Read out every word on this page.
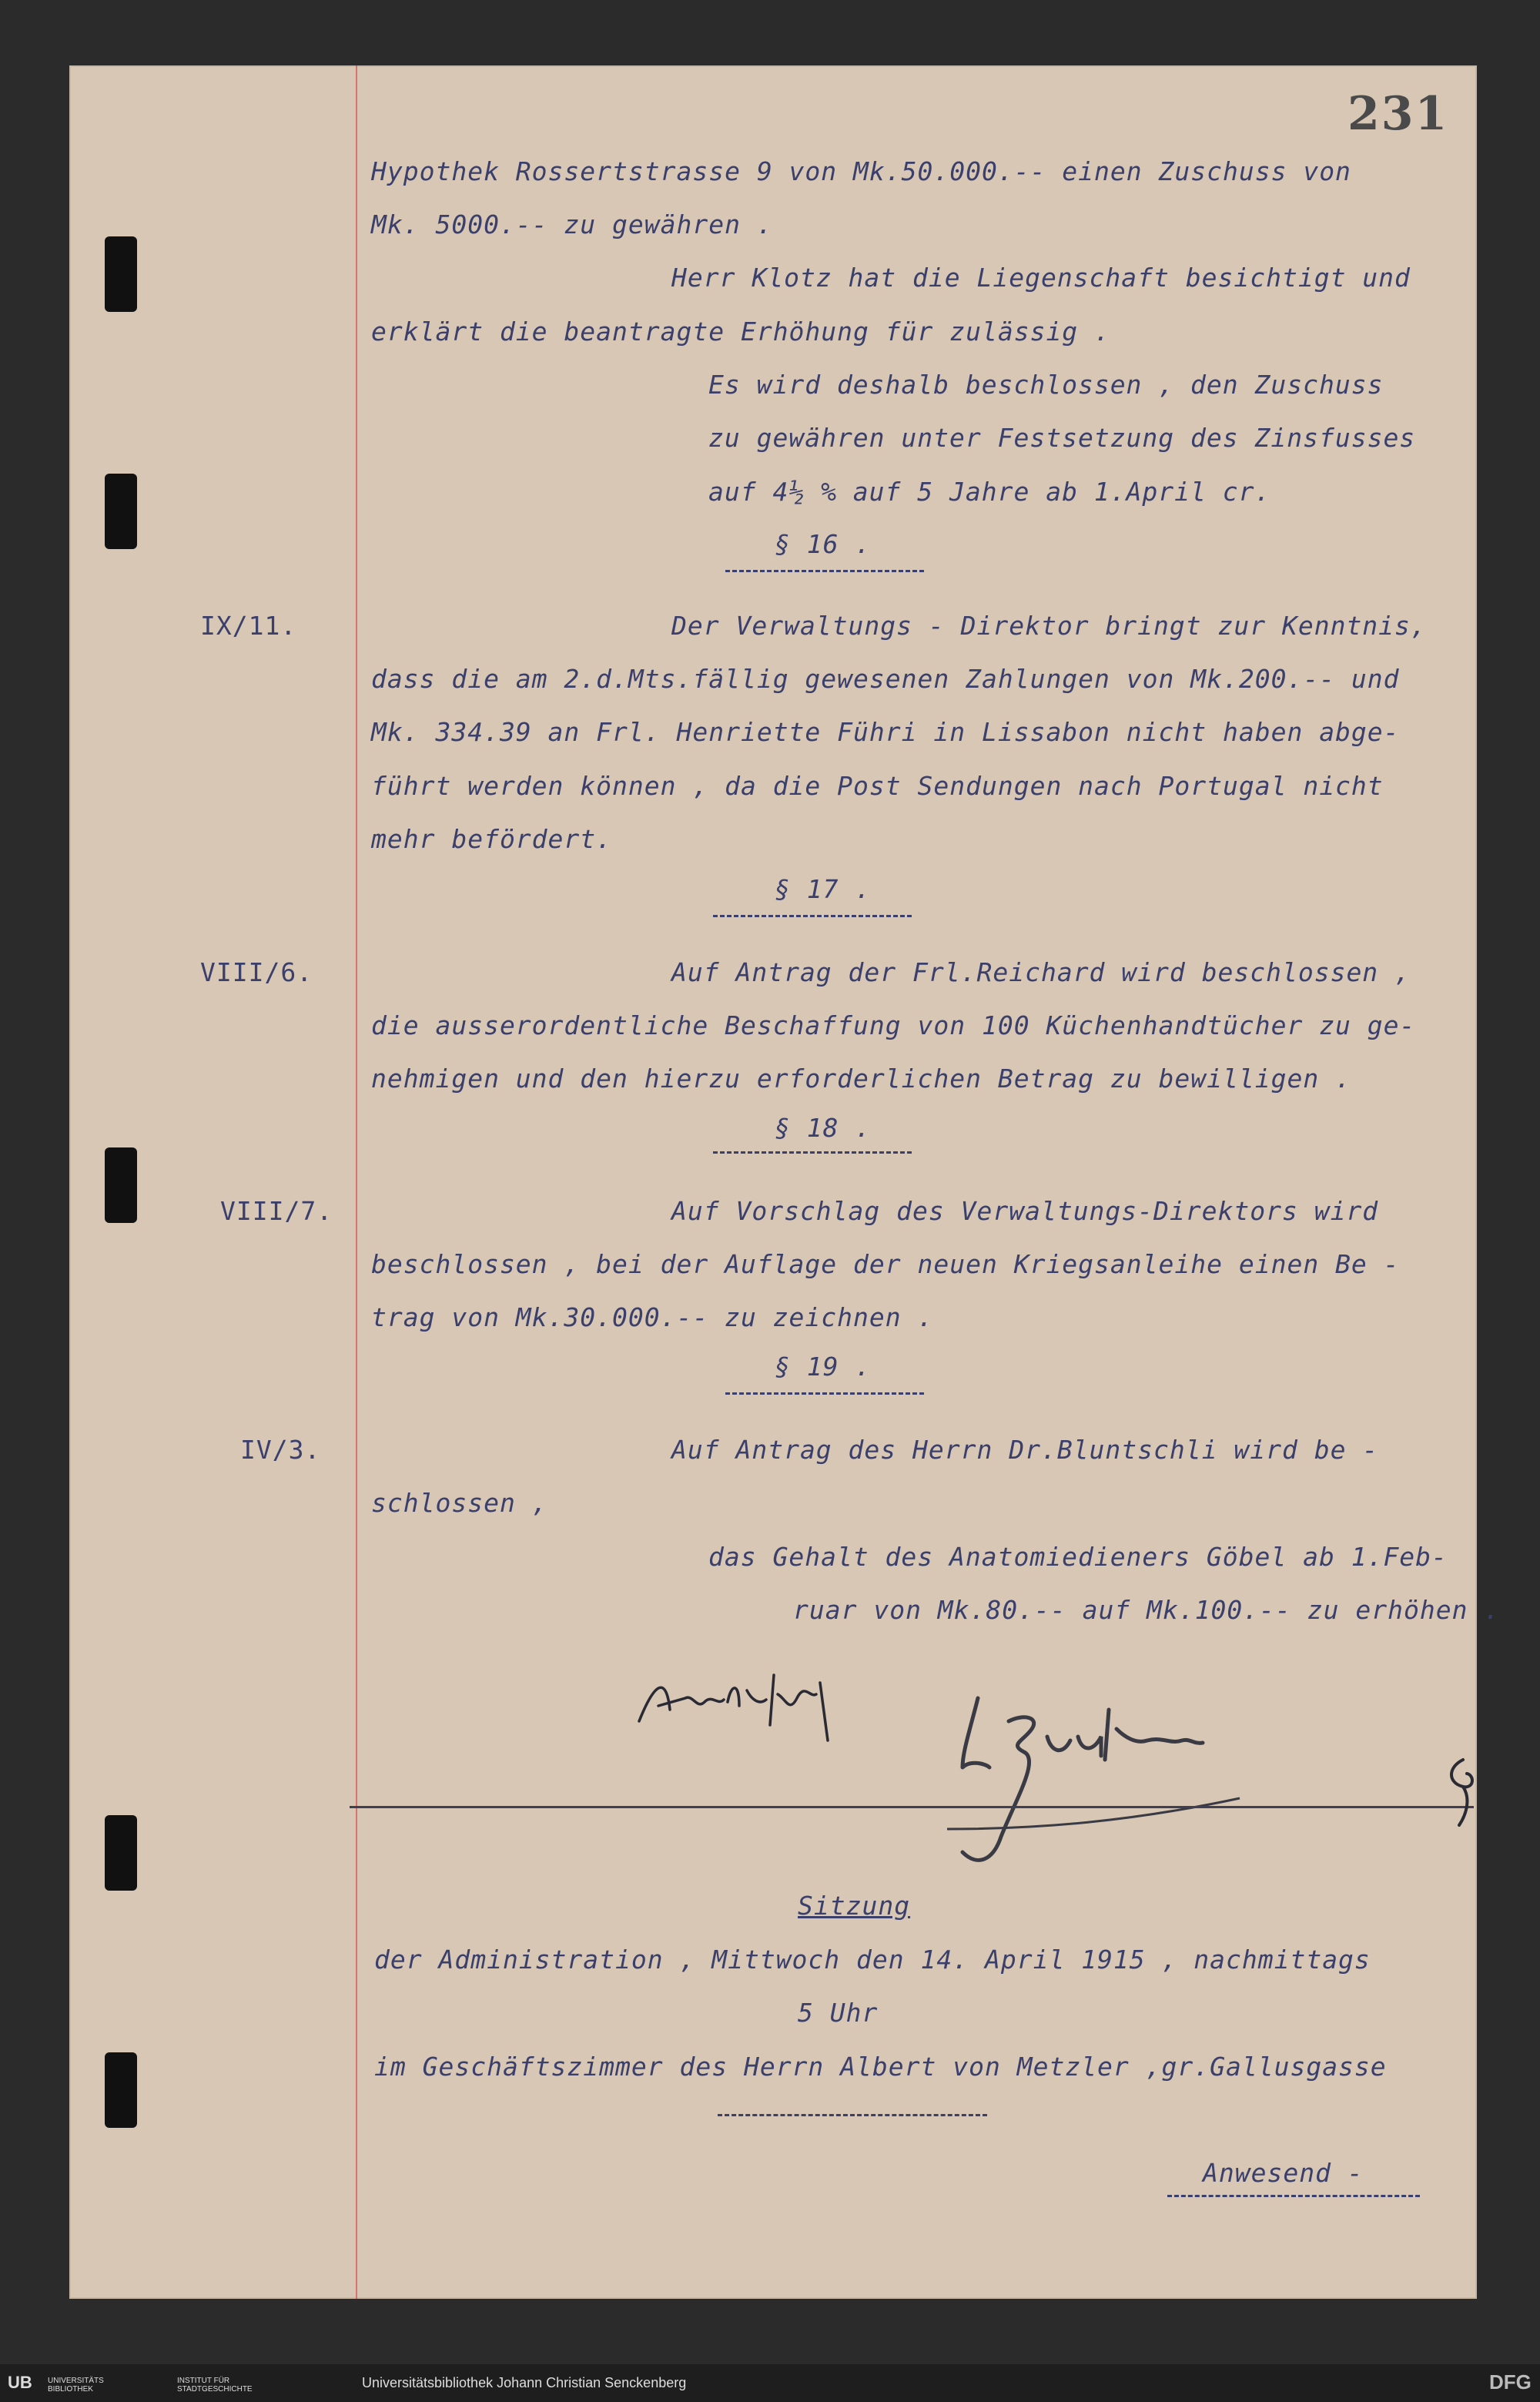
231
Hypothek Rossertstrasse 9 von Mk.50.000.-- einen Zuschuss von
Mk. 5000.-- zu gewähren .
Herr Klotz hat die Liegenschaft besichtigt und
erklärt die beantragte Erhöhung für zulässig .
Es wird deshalb beschlossen , den Zuschuss
zu gewähren unter Festsetzung des Zinsfusses
auf 4½ % auf 5 Jahre ab 1.April cr.
§ 16 .
IX/11.	Der Verwaltungs - Direktor bringt zur Kenntnis,
dass die am 2.d.Mts.fällig gewesenen Zahlungen von Mk.200.-- und
Mk. 334.39 an Frl. Henriette Führi in Lissabon nicht haben abge-
führt werden können , da die Post Sendungen nach Portugal nicht
mehr befördert.
§ 17 .
VIII/6.	Auf Antrag der Frl.Reichard wird beschlossen ,
die ausserordentliche Beschaffung von 100 Küchenhandtücher zu ge-
nehmigen und den hierzu erforderlichen Betrag zu bewilligen .
§ 18 .
VIII/7.	Auf Vorschlag des Verwaltungs-Direktors wird
beschlossen , bei der Auflage der neuen Kriegsanleihe einen Be -
trag von Mk.30.000.-- zu zeichnen .
§ 19 .
IV/3.	Auf Antrag des Herrn Dr.Bluntschli wird be -
schlossen ,
das Gehalt des Anatomiedieners Göbel ab 1.Feb-
ruar von Mk.80.-- auf Mk.100.-- zu erhöhen .
Sitzung
der Administration , Mittwoch den 14. April 1915 , nachmittags
5 Uhr
im Geschäftszimmer des Herrn Albert von Metzler ,gr.Gallusgasse
Anwesend -
UB UNIVERSITÄTS BIBLIOTHEK
INSTITUT FÜR STADTGESCHICHTE	Universitätsbibliothek Johann Christian Senckenberg	DFG
